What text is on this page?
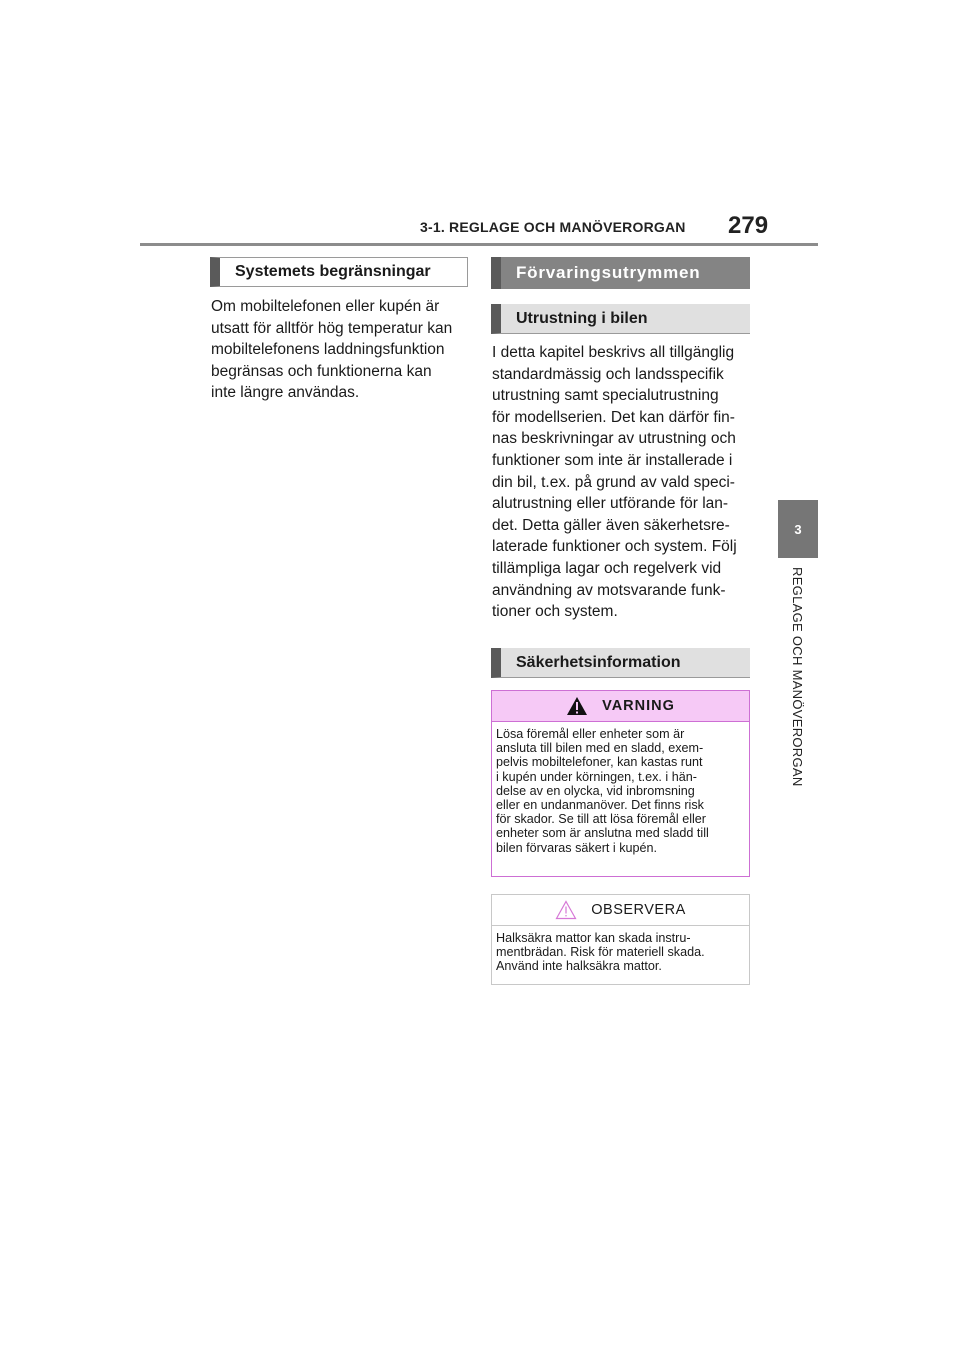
3-1. REGLAGE OCH MANÖVERORGAN 279
3
REGLAGE OCH MANÖVERORGAN
Systemets begränsningar
Om mobiltelefonen eller kupén är
utsatt för alltför hög temperatur kan
mobiltelefonens laddningsfunktion
begränsas och funktionerna kan
inte längre användas.
Förvaringsutrymmen
Utrustning i bilen
I detta kapitel beskrivs all tillgänglig
standardmässig och landsspecifik
utrustning samt specialutrustning
för modellserien. Det kan därför fin-
nas beskrivningar av utrustning och
funktioner som inte är installerade i
din bil, t.ex. på grund av vald speci-
alutrustning eller utförande för lan-
det. Detta gäller även säkerhetsre-
laterade funktioner och system. Följ
tillämpliga lagar och regelverk vid
användning av motsvarande funk-
tioner och system.
Säkerhetsinformation
VARNING
Lösa föremål eller enheter som är
ansluta till bilen med en sladd, exem-
pelvis mobiltelefoner, kan kastas runt
i kupén under körningen, t.ex. i hän-
delse av en olycka, vid inbromsning
eller en undanmanöver. Det finns risk
för skador. Se till att lösa föremål eller
enheter som är anslutna med sladd till
bilen förvaras säkert i kupén.
OBSERVERA
Halksäkra mattor kan skada instru-
mentbrädan. Risk för materiell skada.
Använd inte halksäkra mattor.
